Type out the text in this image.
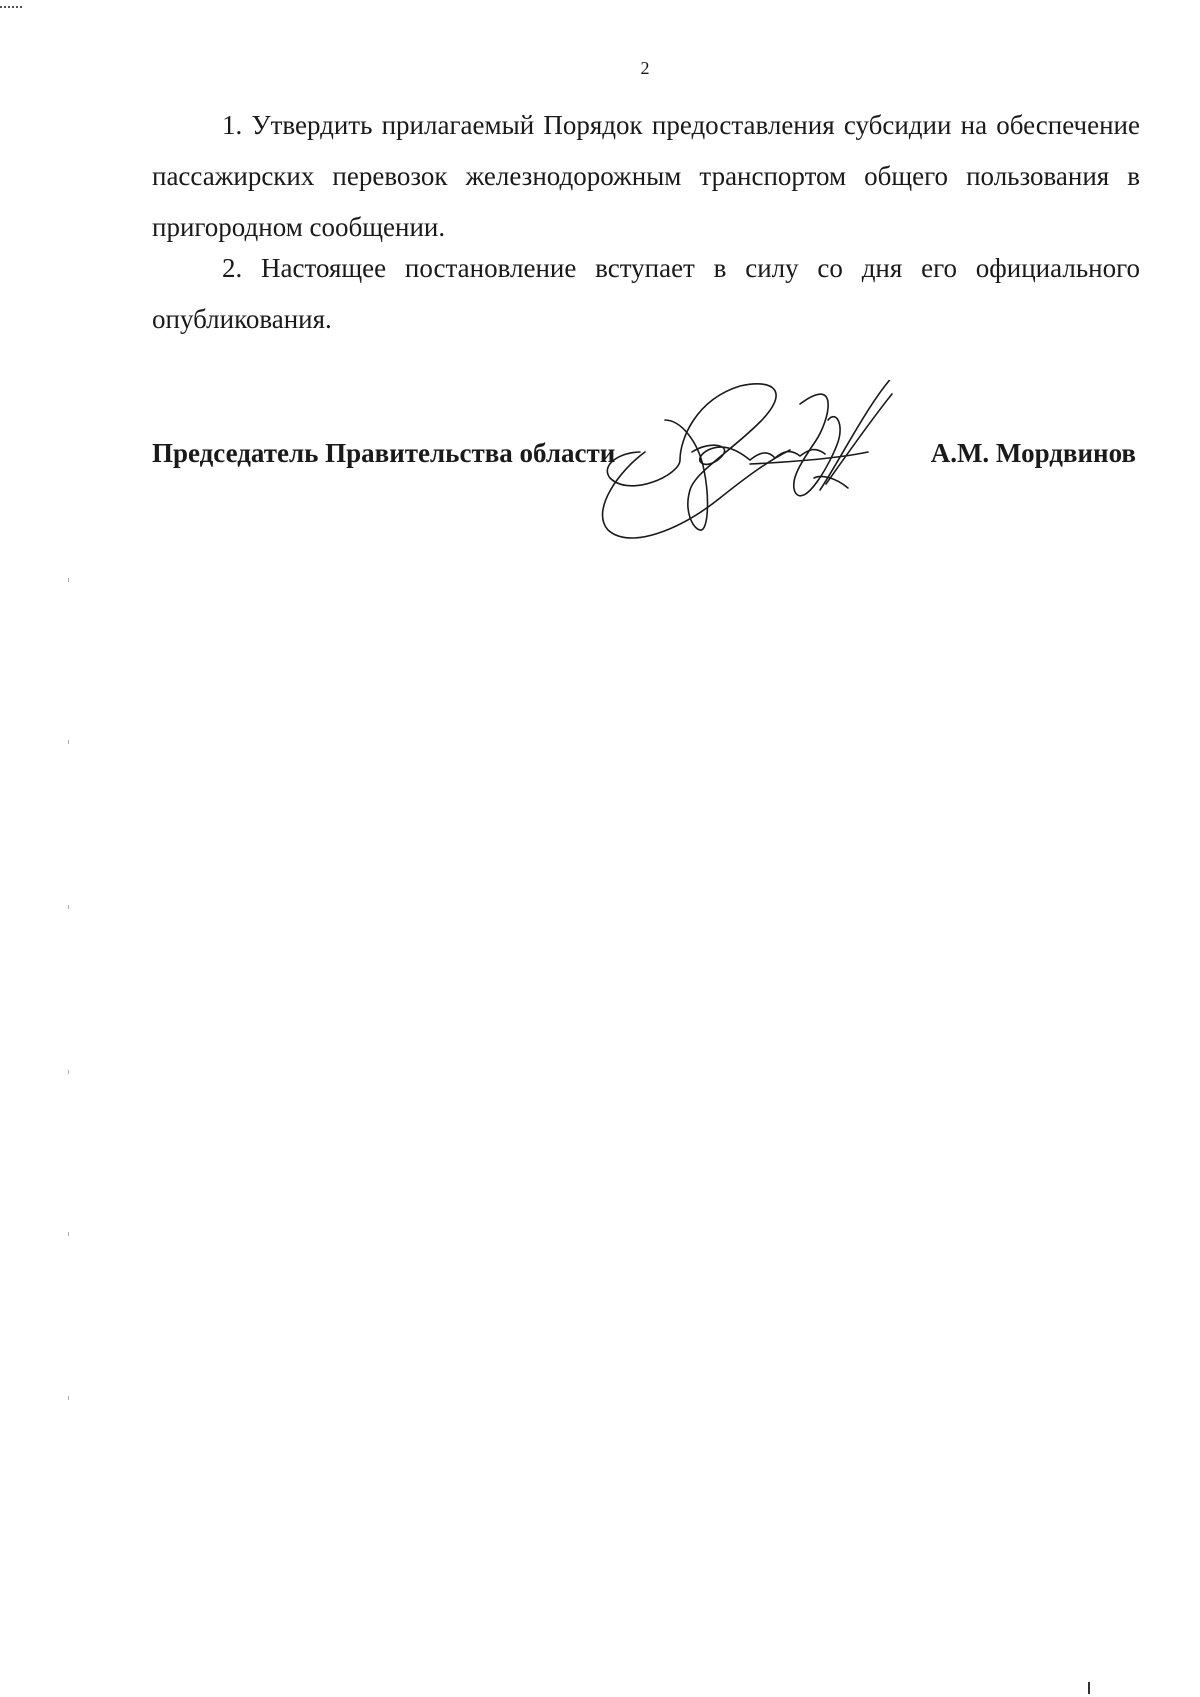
2

1. Утвердить прилагаемый Порядок предоставления субсидии на обеспечение пассажирских перевозок железнодорожным транспортом общего пользования в пригородном сообщении.

2. Настоящее постановление вступает в силу со дня его официального опубликования.

Председатель Правительства области	А.М. Мордвинов
